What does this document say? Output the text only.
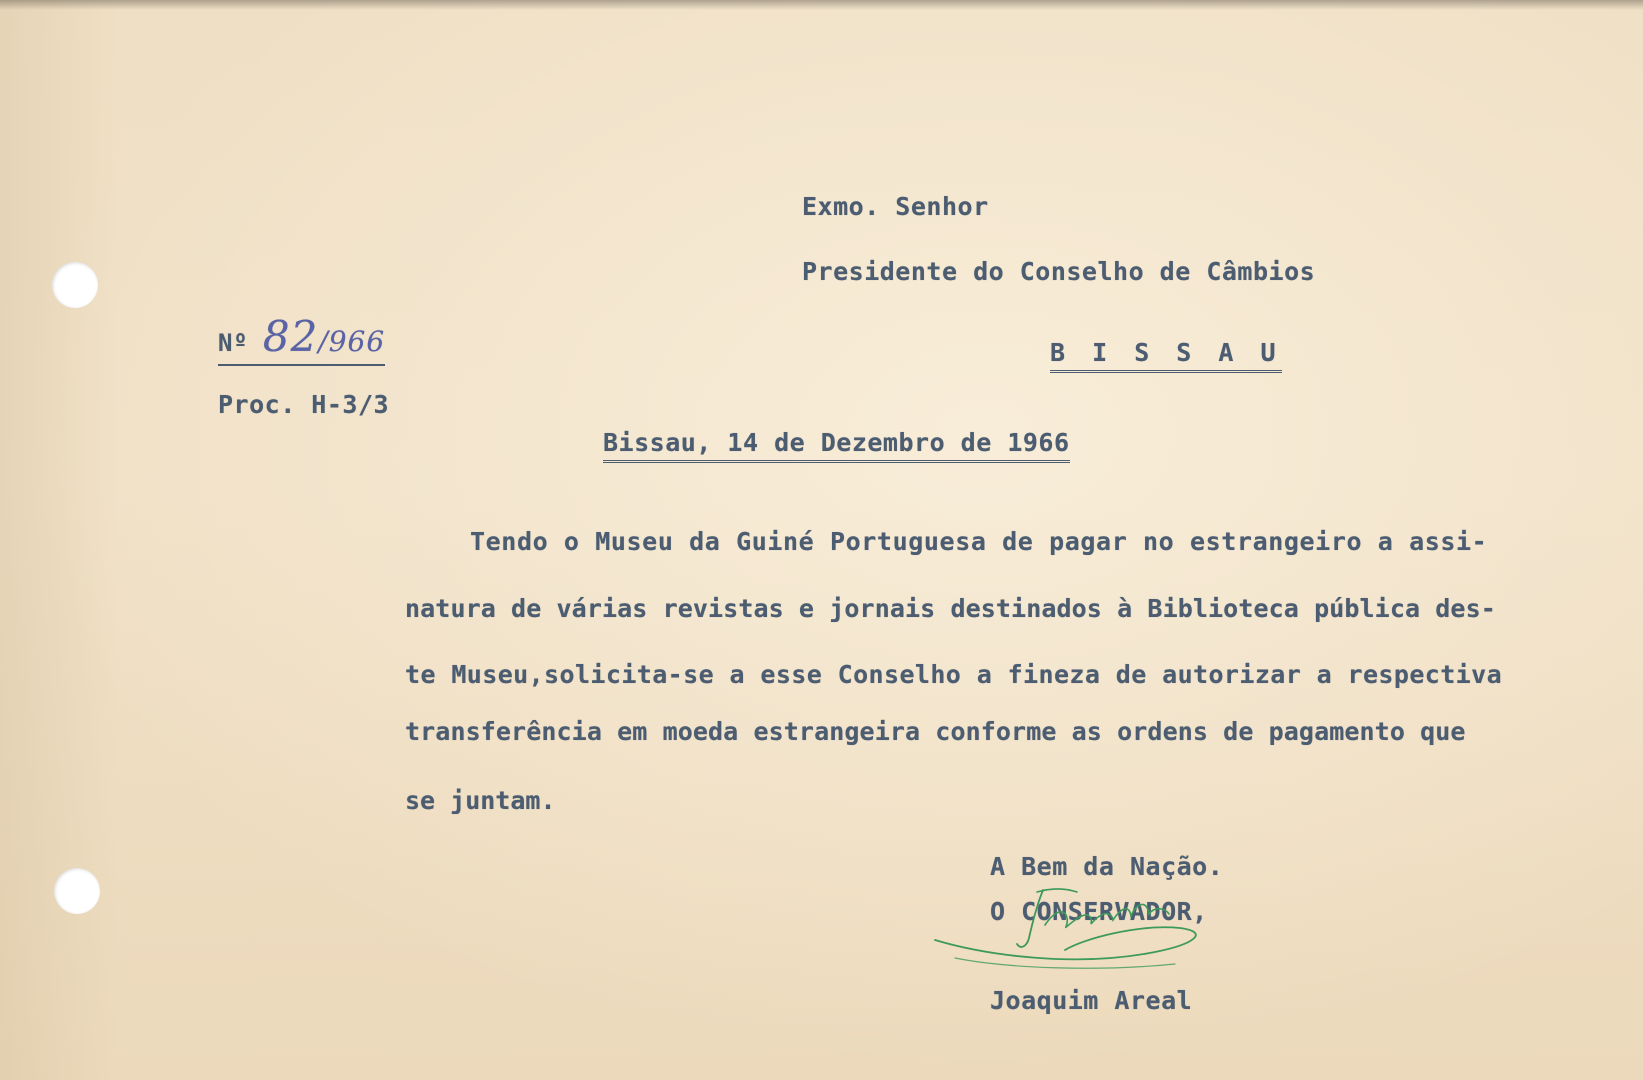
Exmo. Senhor
Presidente do Conselho de Câmbios
B I S S A U
Nº 82/966
Proc. H-3/3
Bissau, 14 de Dezembro de 1966
Tendo o Museu da Guiné Portuguesa de pagar no estrangeiro a assi-
natura de várias revistas e jornais destinados à Biblioteca pública des-
te Museu,solicita-se a esse Conselho a fineza de autorizar a respectiva
transferência em moeda estrangeira conforme as ordens de pagamento que
se juntam.
A Bem da Nação.
O CONSERVADOR,
Joaquim Areal
